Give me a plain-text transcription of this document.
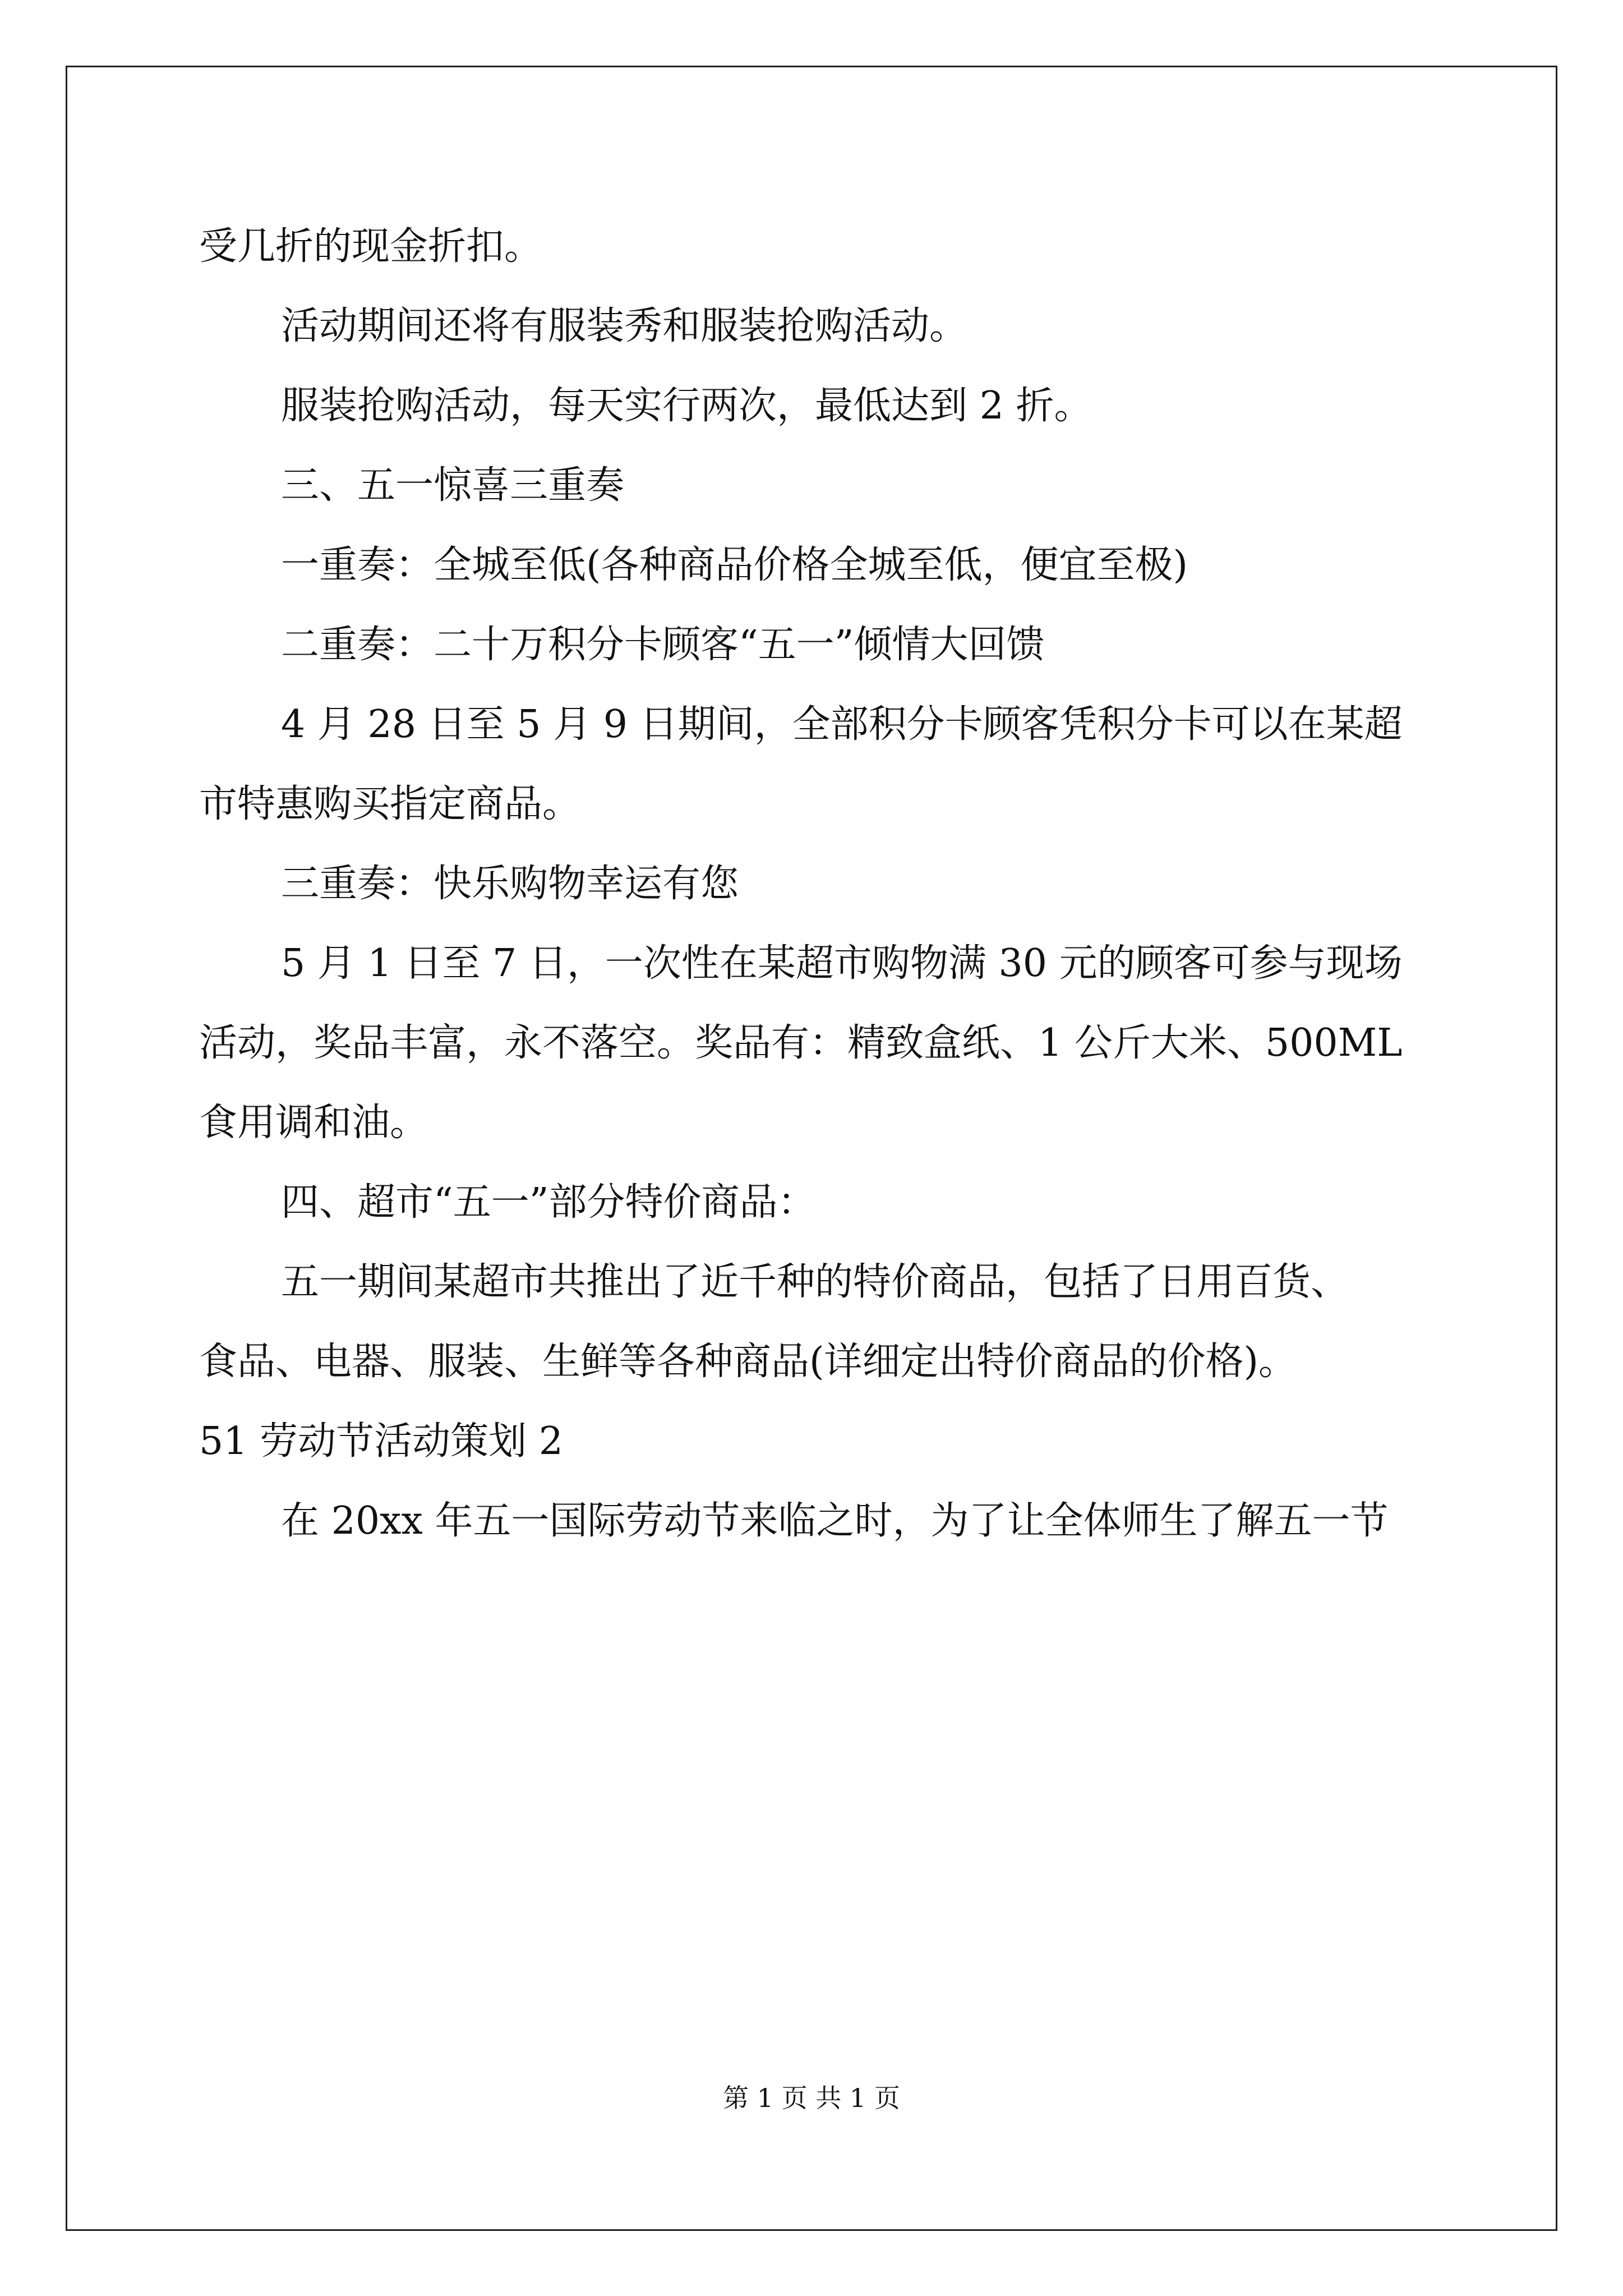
受几折的现金折扣。
活动期间还将有服装秀和服装抢购活动。
服装抢购活动，每天实行两次，最低达到 2 折。
三、五一惊喜三重奏
一重奏：全城至低(各种商品价格全城至低，便宜至极)
二重奏：二十万积分卡顾客“五一”倾情大回馈
4 月 28 日至 5 月 9 日期间，全部积分卡顾客凭积分卡可以在某超
市特惠购买指定商品。
三重奏：快乐购物幸运有您
5 月 1 日至 7 日，一次性在某超市购物满 30 元的顾客可参与现场
活动，奖品丰富，永不落空。奖品有：精致盒纸、1 公斤大米、500ML
食用调和油。
四、超市“五一”部分特价商品：
五一期间某超市共推出了近千种的特价商品，包括了日用百货、
食品、电器、服装、生鲜等各种商品(详细定出特价商品的价格)。
51 劳动节活动策划 2
在 20xx 年五一国际劳动节来临之时，为了让全体师生了解五一节
第 1 页 共 1 页
